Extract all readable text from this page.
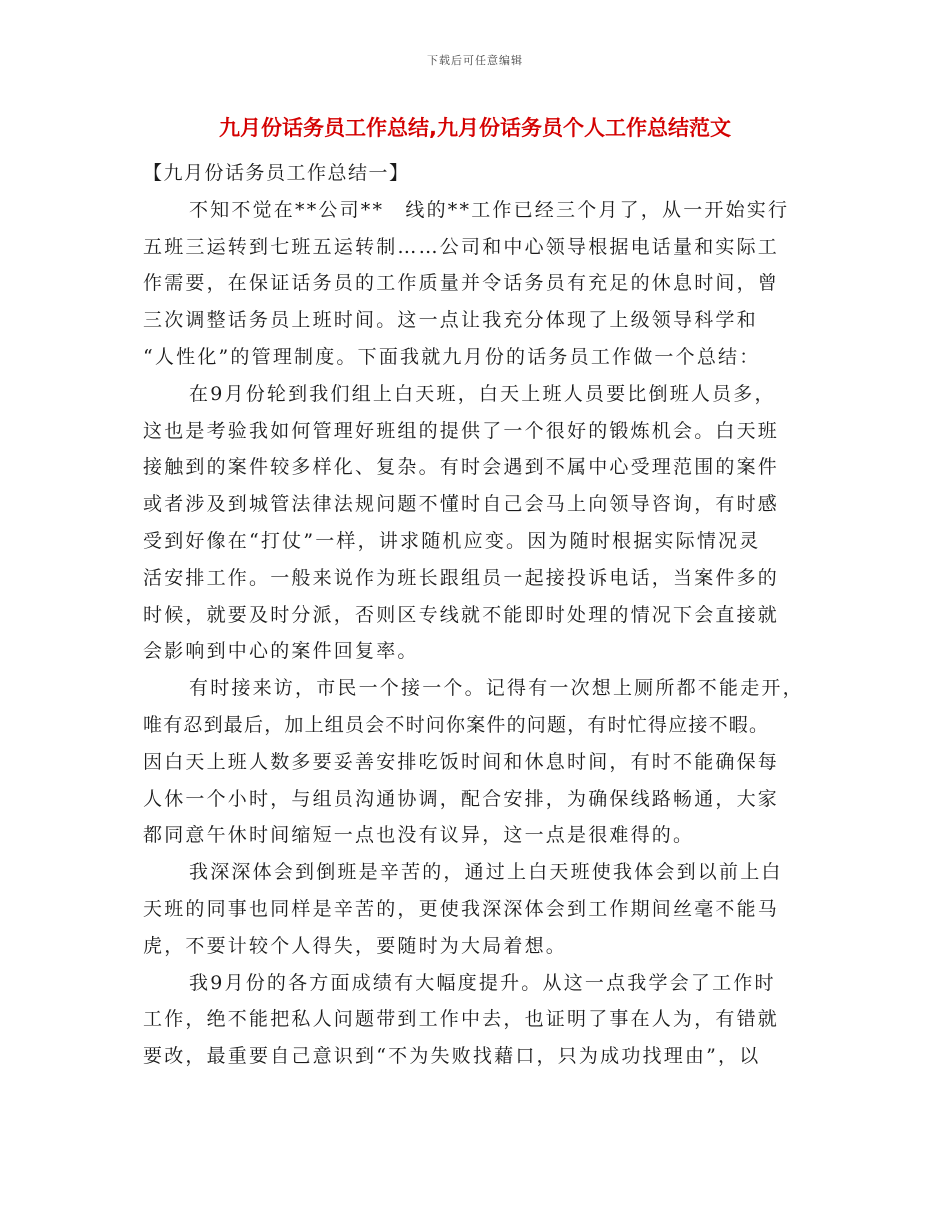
下载后可任意编辑
九月份话务员工作总结,九月份话务员个人工作总结范文
【九月份话务员工作总结一】
不知不觉在**公司**　线的**工作已经三个月了，从一开始实行
五班三运转到七班五运转制……公司和中心领导根据电话量和实际工
作需要，在保证话务员的工作质量并令话务员有充足的休息时间，曾
三次调整话务员上班时间。这一点让我充分体现了上级领导科学和
“人性化”的管理制度。下面我就九月份的话务员工作做一个总结：
在9月份轮到我们组上白天班，白天上班人员要比倒班人员多，
这也是考验我如何管理好班组的提供了一个很好的锻炼机会。白天班
接触到的案件较多样化、复杂。有时会遇到不属中心受理范围的案件
或者涉及到城管法律法规问题不懂时自己会马上向领导咨询，有时感
受到好像在“打仗”一样，讲求随机应变。因为随时根据实际情况灵
活安排工作。一般来说作为班长跟组员一起接投诉电话，当案件多的
时候，就要及时分派，否则区专线就不能即时处理的情况下会直接就
会影响到中心的案件回复率。
有时接来访，市民一个接一个。记得有一次想上厕所都不能走开，
唯有忍到最后，加上组员会不时问你案件的问题，有时忙得应接不暇。
因白天上班人数多要妥善安排吃饭时间和休息时间，有时不能确保每
人休一个小时，与组员沟通协调，配合安排，为确保线路畅通，大家
都同意午休时间缩短一点也没有议异，这一点是很难得的。
我深深体会到倒班是辛苦的，通过上白天班使我体会到以前上白
天班的同事也同样是辛苦的，更使我深深体会到工作期间丝毫不能马
虎，不要计较个人得失，要随时为大局着想。
我9月份的各方面成绩有大幅度提升。从这一点我学会了工作时
工作，绝不能把私人问题带到工作中去，也证明了事在人为，有错就
要改，最重要自己意识到“不为失败找藉口，只为成功找理由”，以
